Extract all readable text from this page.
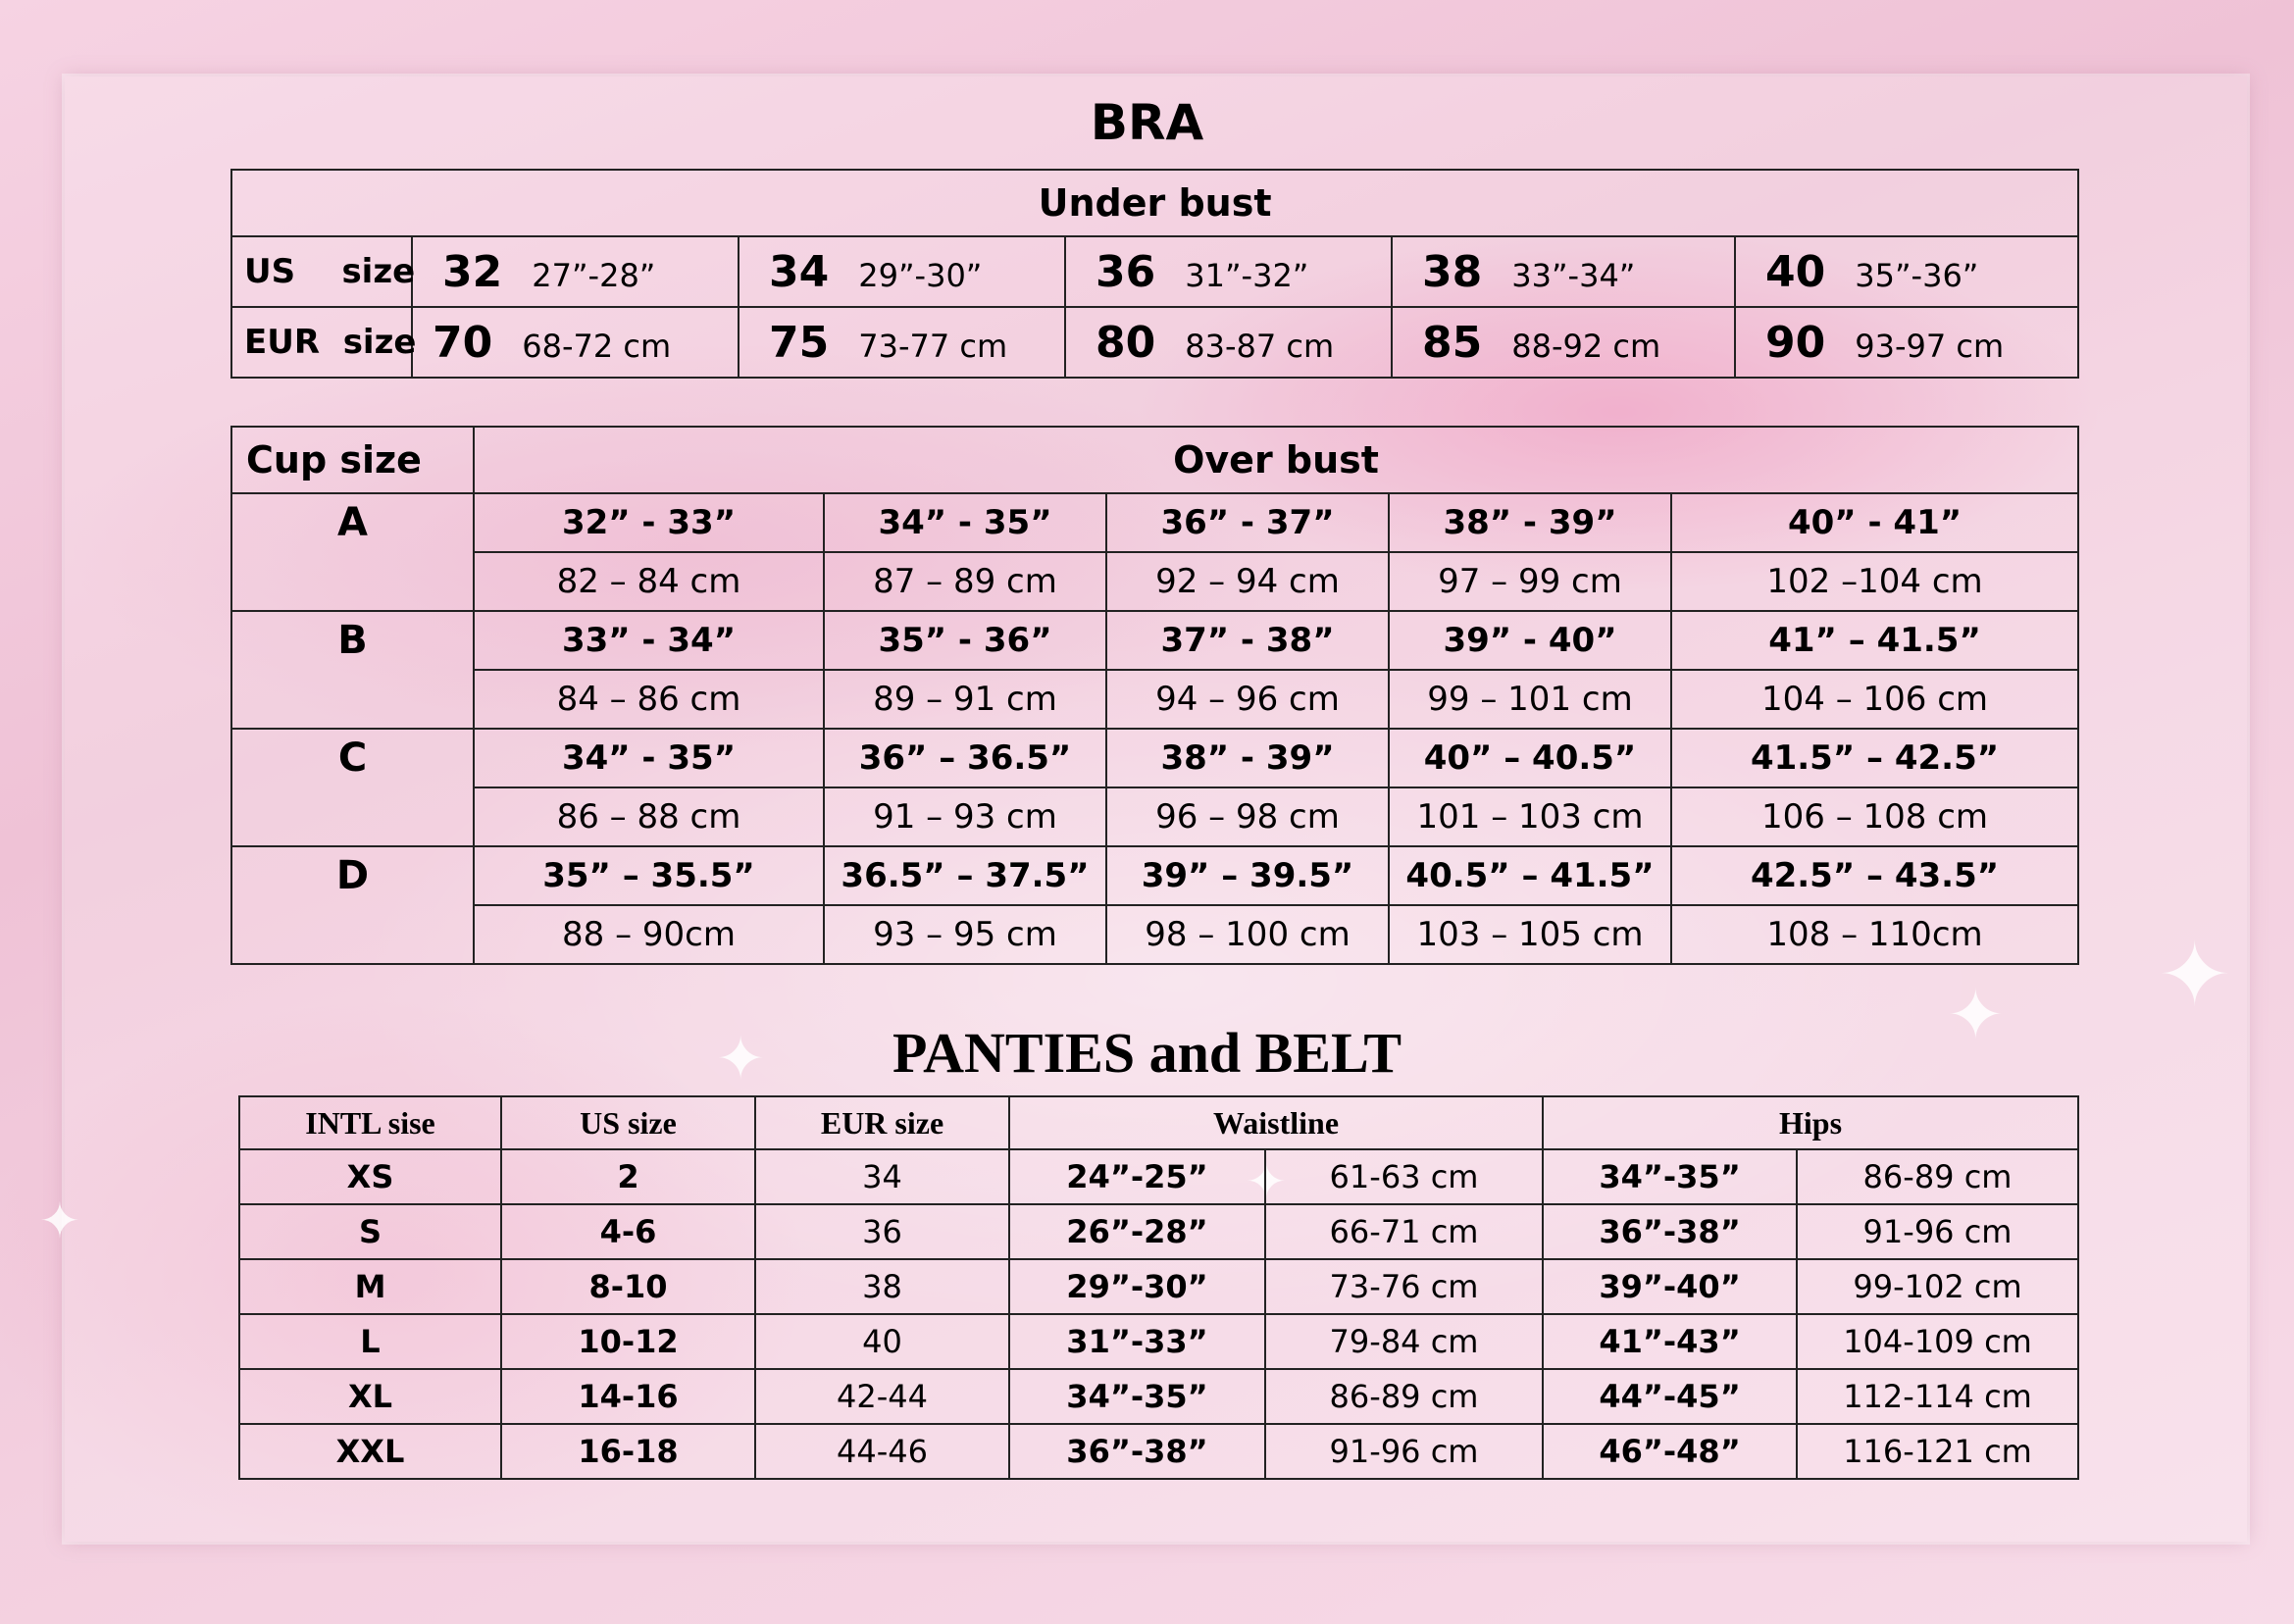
✦ ✦
✦
✦
✦
BRA
Under bust					
US    size	32 27”-28”	34 29”-30”	36 31”-32”	38 33”-34”	40 35”-36”
EUR  size	70 68-72 cm	75 73-77 cm	80 83-87 cm	85 88-92 cm	90 93-97 cm
Cup size	Over bust				
A	32” - 33”	34” - 35”	36” - 37”	38” - 39”	40” - 41”
	82 – 84 cm	87 – 89 cm	92 – 94 cm	97 – 99 cm	102 –104 cm
B	33” - 34”	35” - 36”	37” - 38”	39” - 40”	41” – 41.5”
	84 – 86 cm	89 – 91 cm	94 – 96 cm	99 – 101 cm	104 – 106 cm
C	34” - 35”	36” – 36.5”	38” - 39”	40” – 40.5”	41.5” – 42.5”
	86 – 88 cm	91 – 93 cm	96 – 98 cm	101 – 103 cm	106 – 108 cm
D	35” – 35.5”	36.5” – 37.5”	39” – 39.5”	40.5” – 41.5”	42.5” – 43.5”
	88 – 90cm	93 – 95 cm	98 – 100 cm	103 – 105 cm	108 – 110cm
PANTIES and BELT
INTL sise	US size	EUR size	Waistline		Hips	
XS	2	34	24”-25”	61-63 cm	34”-35”	86-89 cm
S	4-6	36	26”-28”	66-71 cm	36”-38”	91-96 cm
M	8-10	38	29”-30”	73-76 cm	39”-40”	99-102 cm
L	10-12	40	31”-33”	79-84 cm	41”-43”	104-109 cm
XL	14-16	42-44	34”-35”	86-89 cm	44”-45”	112-114 cm
XXL	16-18	44-46	36”-38”	91-96 cm	46”-48”	116-121 cm
